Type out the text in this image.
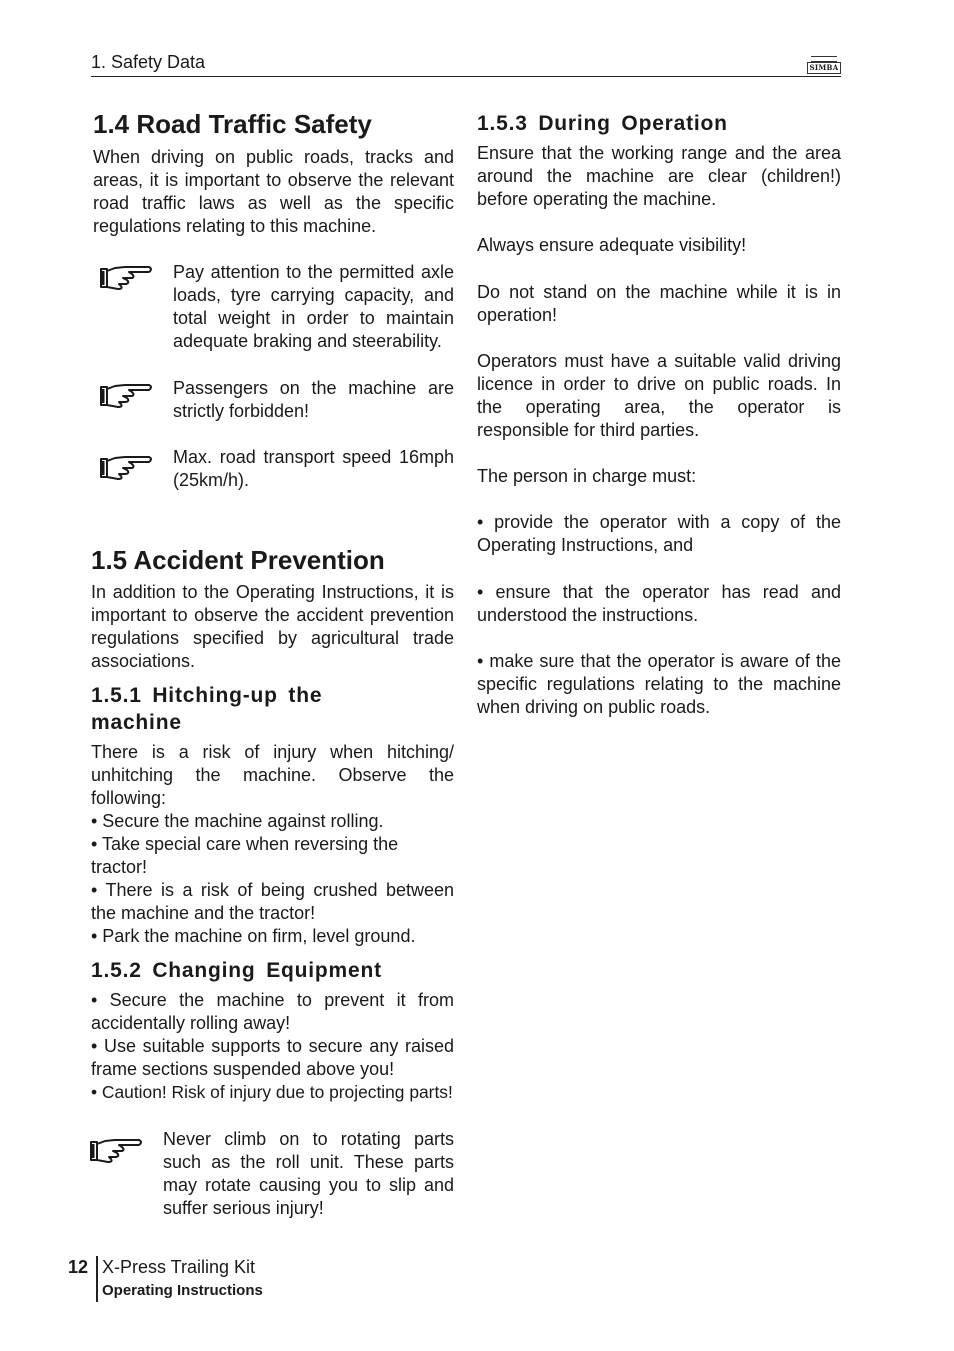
1. Safety Data	SIMBA
1.4 Road Traffic Safety

When driving on public roads, tracks and areas, it is important to observe the relevant road traffic laws as well as the specific regulations relating to this machine.

Pay attention to the permitted axle loads, tyre carrying capacity, and total weight in order to maintain adequate braking and steerability.
Passengers on the machine are strictly forbidden!
Max. road transport speed 16mph (25km/h).
1.5 Accident Prevention

In addition to the Operating Instructions, it is important to observe the accident prevention regulations specified by agricultural trade associations.

1.5.1 Hitching-up the machine

There is a risk of injury when hitching/ unhitching the machine. Observe the following:

• Secure the machine against rolling.
• Take special care when reversing the tractor!
• There is a risk of being crushed between the machine and the tractor!
• Park the machine on firm, level ground.

1.5.2 Changing Equipment

• Secure the machine to prevent it from accidentally rolling away!
• Use suitable supports to secure any raised frame sections suspended above you!
• Caution! Risk of injury due to projecting parts!

Never climb on to rotating parts such as the roll unit. These parts may rotate causing you to slip and suffer serious injury!
1.5.3 During Operation

Ensure that the working range and the area around the machine are clear (children!) before operating the machine.

Always ensure adequate visibility!

Do not stand on the machine while it is in operation!

Operators must have a suitable valid driving licence in order to drive on public roads. In the operating area, the operator is responsible for third parties.

The person in charge must:

• provide the operator with a copy of the Operating Instructions, and

• ensure that the operator has read and understood the instructions.

• make sure that the operator is aware of the specific regulations relating to the machine when driving on public roads.

12 X-Press Trailing Kit
Operating Instructions
